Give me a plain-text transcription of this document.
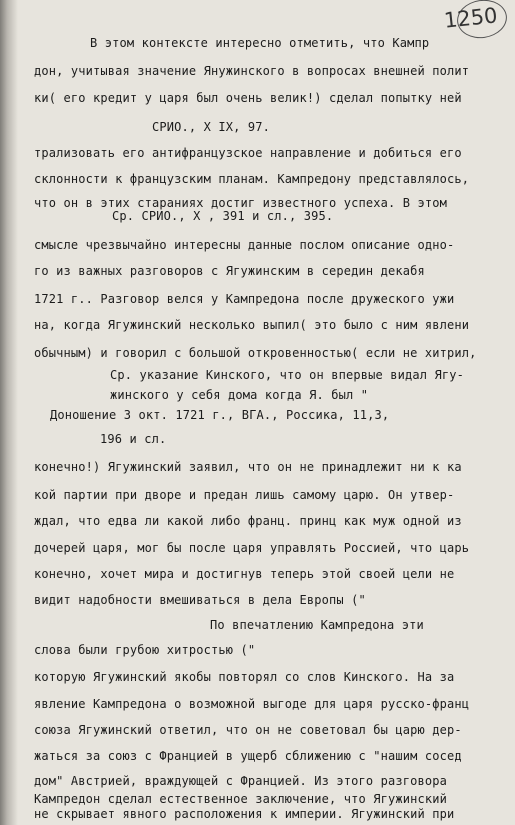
1250
В этом контексте интересно отметить, что Кампр
дон, учитывая значение Янужинского в вопросах внешней полит
ки( его кредит у царя был очень велик!) сделал попытку ней
СРИО., Х IX, 97.
трализовать его антифранцузское направление и добиться его
склонности к французским планам. Кампредону представлялось,
что он в этих стараниях достиг известного успеха. В этом
Ср. СРИО., Х , 391 и сл., 395.
смысле чрезвычайно интересны данные послом описание одно-
го из важных разговоров с Ягужинским в середин декабя
1721 г.. Разговор велся у Кампредона после дружеского ужи
на, когда Ягужинский несколько выпил( это было с ним явлени
обычным) и говорил с большой откровенностью( если не хитрил,
Ср. указание Кинского, что он впервые видал Ягу-
жинского у себя дома когда Я. был "
Доношение 3 окт. 1721 г., ВГА., Россика, 11,3,
196 и сл.
конечно!) Ягужинский заявил, что он не принадлежит ни к ка
кой партии при дворе и предан лишь самому царю. Он утвер-
ждал, что едва ли какой либо франц. принц как муж одной из
дочерей царя, мог бы после царя управлять Россией, что царь
конечно, хочет мира и достигнув теперь этой своей цели не
видит надобности вмешиваться в дела Европы ("
По впечатлению Кампредона эти
слова были грубою хитростью ("
которую Ягужинский якобы повторял со слов Кинского. На за
явление Кампредона о возможной выгоде для царя русско-франц
союза Ягужинский ответил, что он не советовал бы царю дер-
жаться за союз с Францией в ущерб сближению с "нашим сосед
дом" Австрией, враждующей с Францией. Из этого разговора
Кампредон сделал естественное заключение, что Ягужинский
не скрывает явного расположения к империи. Ягужинский при
